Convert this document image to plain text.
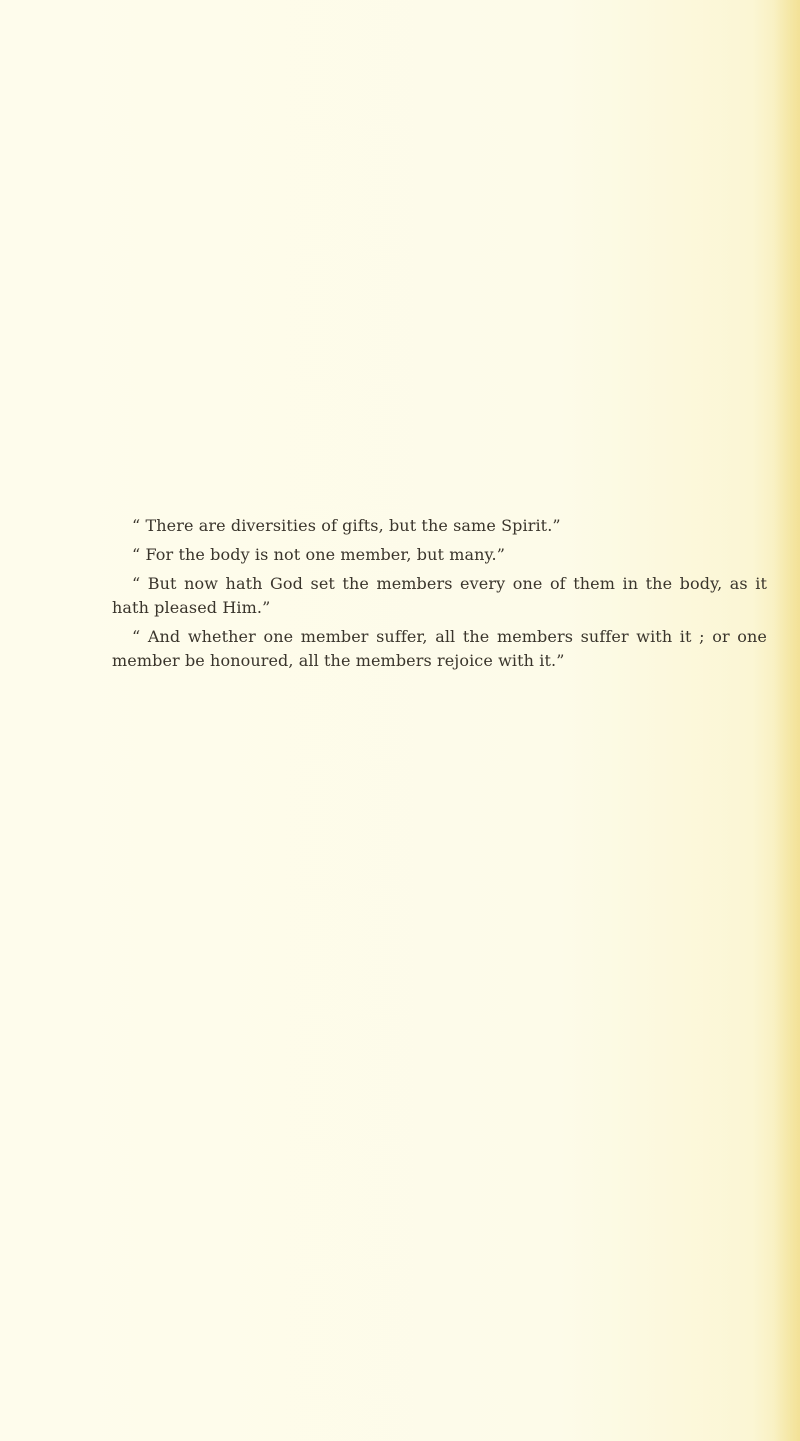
“ There are diversities of gifts, but the same Spirit.”

“ For the body is not one member, but many.”

“ But now hath God set the members every one of them in the body, as it hath pleased Him.”

“ And whether one member suffer, all the members suffer with it ; or one member be honoured, all the members rejoice with it.”
